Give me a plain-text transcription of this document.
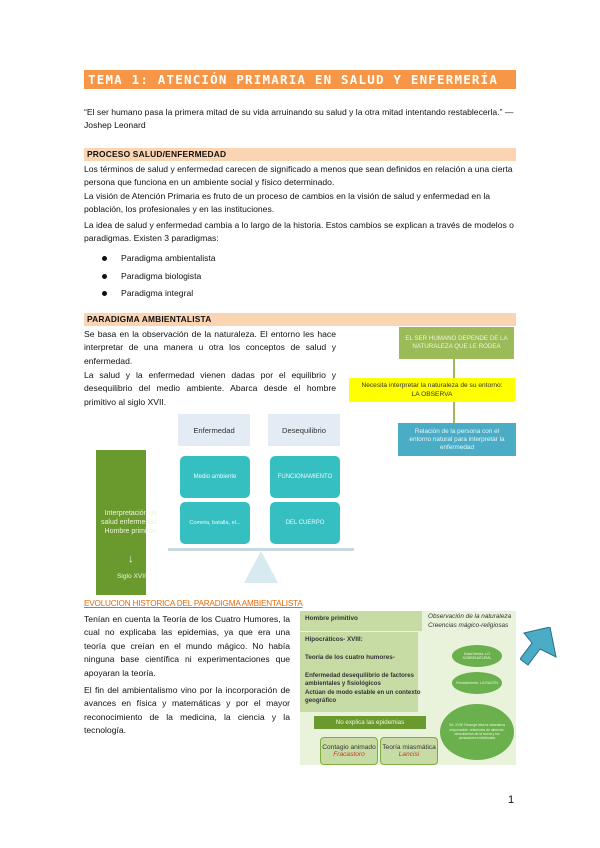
TEMA 1: ATENCIÓN PRIMARIA EN SALUD Y ENFERMERÍA
“El ser humano pasa la primera mitad de su vida arruinando su salud y la otra mitad intentando restablecerla.” — Joshep Leonard
PROCESO SALUD/ENFERMEDAD
Los términos de salud y enfermedad carecen de significado a menos que sean definidos en relación a una cierta persona que funciona en un ambiente social y físico determinado.
La visión de Atención Primaria es fruto de un proceso de cambios en la visión de salud y enfermedad en la población, los profesionales y en las instituciones.
La idea de salud y enfermedad cambia a lo largo de la historia. Estos cambios se explican a través de modelos o paradigmas. Existen 3 paradigmas:
Paradigma ambientalista
Paradigma biologista
Paradigma integral
PARADIGMA AMBIENTALISTA
Se basa en la observación de la naturaleza. El entorno les hace interpretar de una manera u otra los conceptos de salud y enfermedad.
La salud y la enfermedad vienen dadas por el equilibrio y desequilibrio del medio ambiente. Abarca desde el hombre primitivo al siglo XVII.
EL SER HUMANO DEPENDE DE LA NATURALEZA QUE LE RODEA
Necesita interpretar la naturaleza de su entorno:
LA OBSERVA
Relación de la persona con el entorno natural para interpretar la enfermedad
Interpretación de salud enfermedad : Hombre primitivo
↓
Siglo XVIII
Enfermedad	Desequilibrio
Medio ambiente
Cometa, batalla, el...
FUNCIONAMIENTO
DEL CUERPO
EVOLUCION HISTORICA DEL PARADIGMA AMBIENTALISTA
Tenían en cuenta la Teoría de los Cuatro Humores, la cual no explicaba las epidemias, ya que era una teoría que creían en el mundo mágico. No había ninguna base científica ni experimentaciones que apoyaran la teoría.
El fin del ambientalismo vino por la incorporación de avances en física y matemáticas y por el mayor reconocimiento de la medicina, la ciencia y la tecnología.
Hombre primitivo	Observación de la naturaleza
Creencias mágico-religiosas
Hipocráticos- XVIII:
Teoría de los cuatro humores-
Enfermedad desequilibrio de factores ambientales y fisiológicos
Actúan de modo estable en un contexto geográfico
No explica las epidemias
Contagio animado
Fracastoro
Teoría miasmática
Lancisi
Edad Media: LO SOBRENATURAL
Renacimiento: LA RAZÓN
Sd. XVIII: Resurge idea la naturaleza responsable: relaciones de alimento, descubiertos de la teoría y los pensadores individuales
1
